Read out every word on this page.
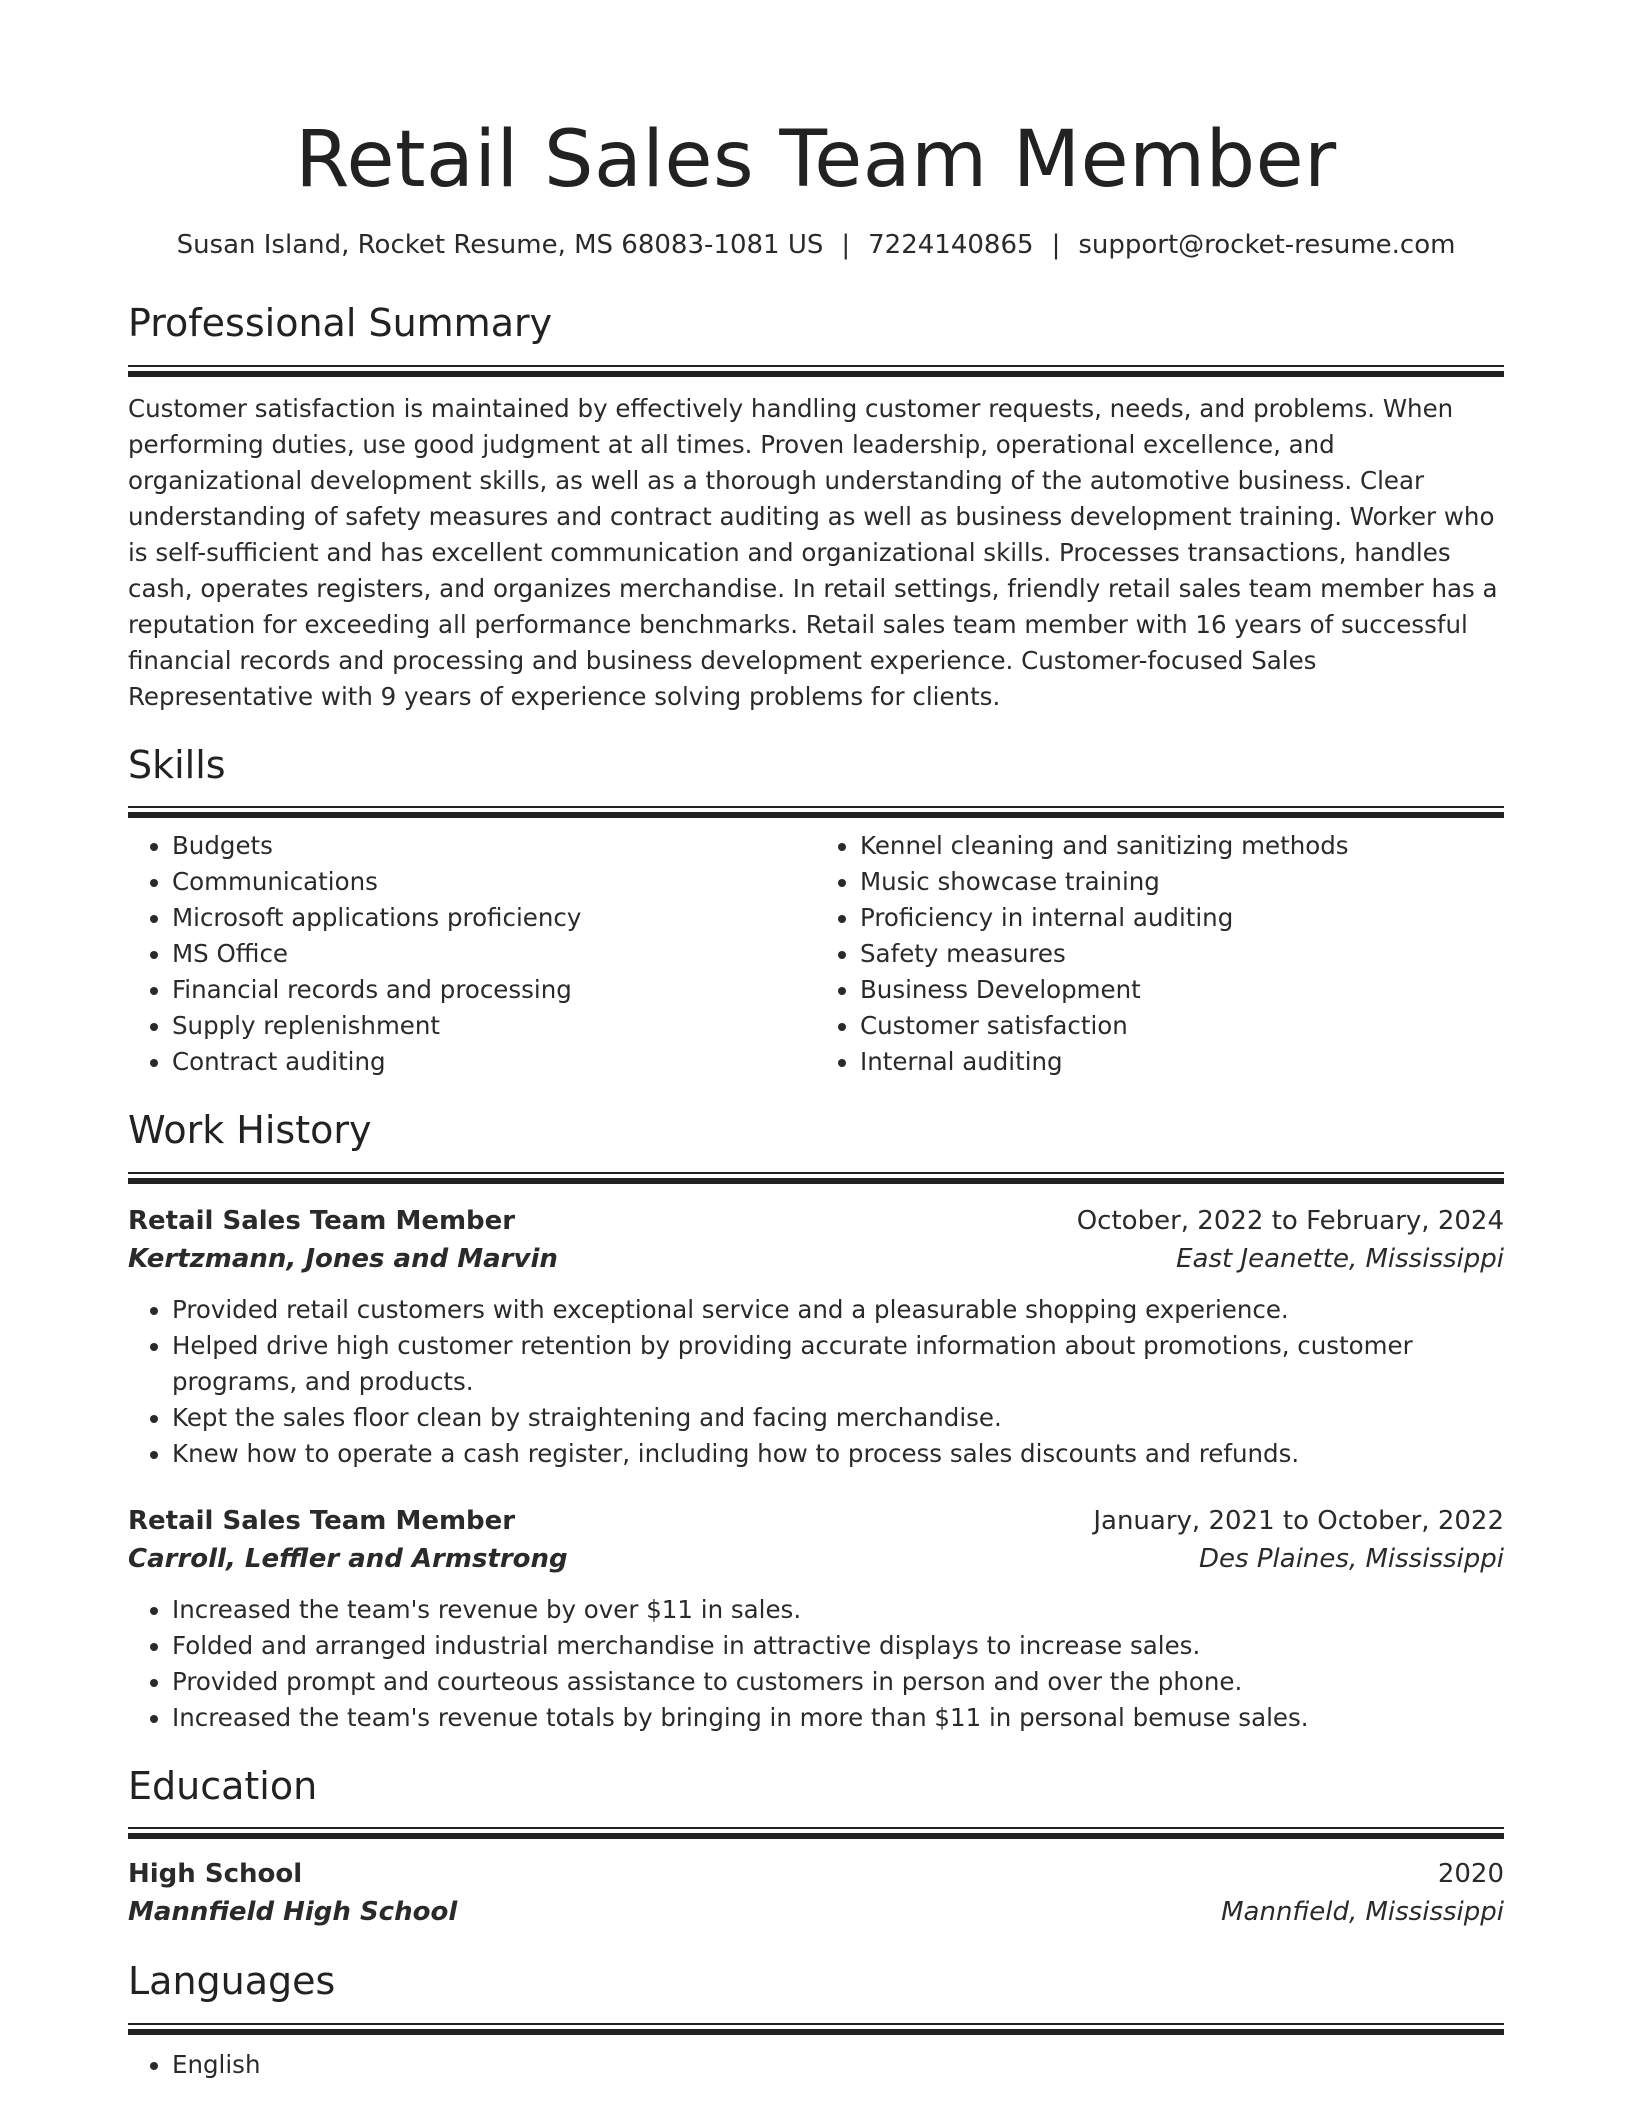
Retail Sales Team Member
Susan Island, Rocket Resume, MS 68083-1081 US | 7224140865 | support@rocket-resume.com
Professional Summary

Customer satisfaction is maintained by effectively handling customer requests, needs, and problems. When performing duties, use good judgment at all times. Proven leadership, operational excellence, and organizational development skills, as well as a thorough understanding of the automotive business. Clear understanding of safety measures and contract auditing as well as business development training. Worker who is self-sufficient and has excellent communication and organizational skills. Processes transactions, handles cash, operates registers, and organizes merchandise. In retail settings, friendly retail sales team member has a reputation for exceeding all performance benchmarks. Retail sales team member with 16 years of successful financial records and processing and business development experience. Customer-focused Sales Representative with 9 years of experience solving problems for clients.

Skills
• Budgets
• Communications
• Microsoft applications proficiency
• MS Office
• Financial records and processing
• Supply replenishment
• Contract auditing
• Kennel cleaning and sanitizing methods
• Music showcase training
• Proficiency in internal auditing
• Safety measures
• Business Development
• Customer satisfaction
• Internal auditing
Work History
Retail Sales Team Member	October, 2022 to February, 2024
Kertzmann, Jones and Marvin	East Jeanette, Mississippi
• Provided retail customers with exceptional service and a pleasurable shopping experience.
• Helped drive high customer retention by providing accurate information about promotions, customer programs, and products.
• Kept the sales floor clean by straightening and facing merchandise.
• Knew how to operate a cash register, including how to process sales discounts and refunds.
Retail Sales Team Member	January, 2021 to October, 2022
Carroll, Leffler and Armstrong	Des Plaines, Mississippi
• Increased the team's revenue by over $11 in sales.
• Folded and arranged industrial merchandise in attractive displays to increase sales.
• Provided prompt and courteous assistance to customers in person and over the phone.
• Increased the team's revenue totals by bringing in more than $11 in personal bemuse sales.
Education
High School	2020
Mannfield High School	Mannfield, Mississippi
Languages
• English
